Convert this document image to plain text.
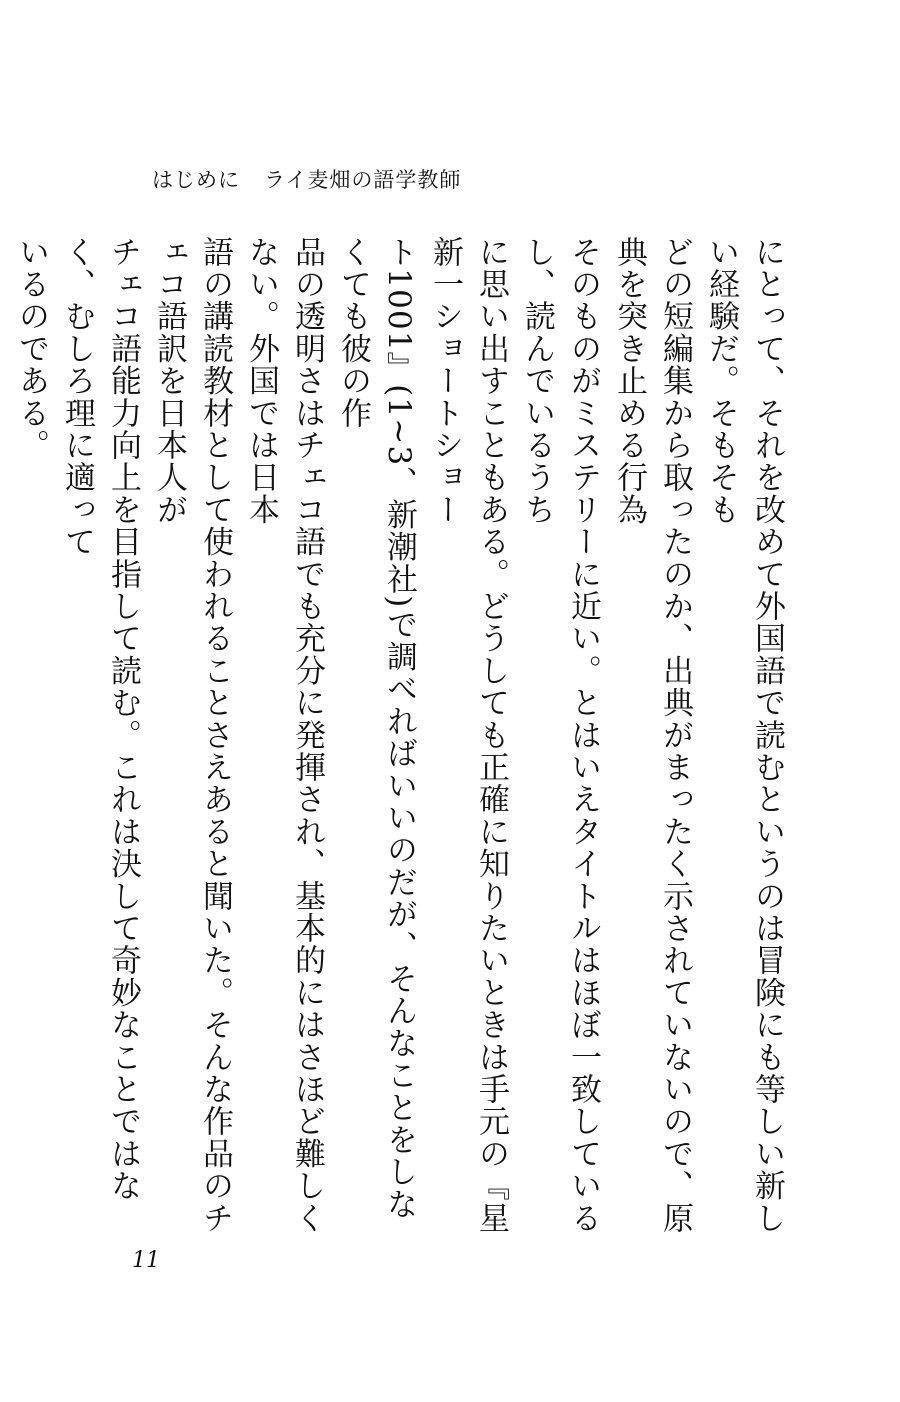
はじめに ライ麦畑の語学教師
にとって、それを改めて外国語で読むというのは冒険にも等しい新しい経験だ。そもそも
どの短編集から取ったのか、出典がまったく示されていないので、原典を突き止める行為
そのものがミステリーに近い。とはいえタイトルはほぼ一致しているし、読んでいるうち
に思い出すこともある。どうしても正確に知りたいときは手元の『星新一ショートショー
ト1001』(1~3、新潮社)で調べればいいのだが、そんなことをしなくても彼の作
品の透明さはチェコ語でも充分に発揮され、基本的にはさほど難しくない。外国では日本
語の講読教材として使われることさえあると聞いた。そんな作品のチェコ語訳を日本人が
チェコ語能力向上を目指して読む。これは決して奇妙なことではなく、むしろ理に適って
いるのである。
11
